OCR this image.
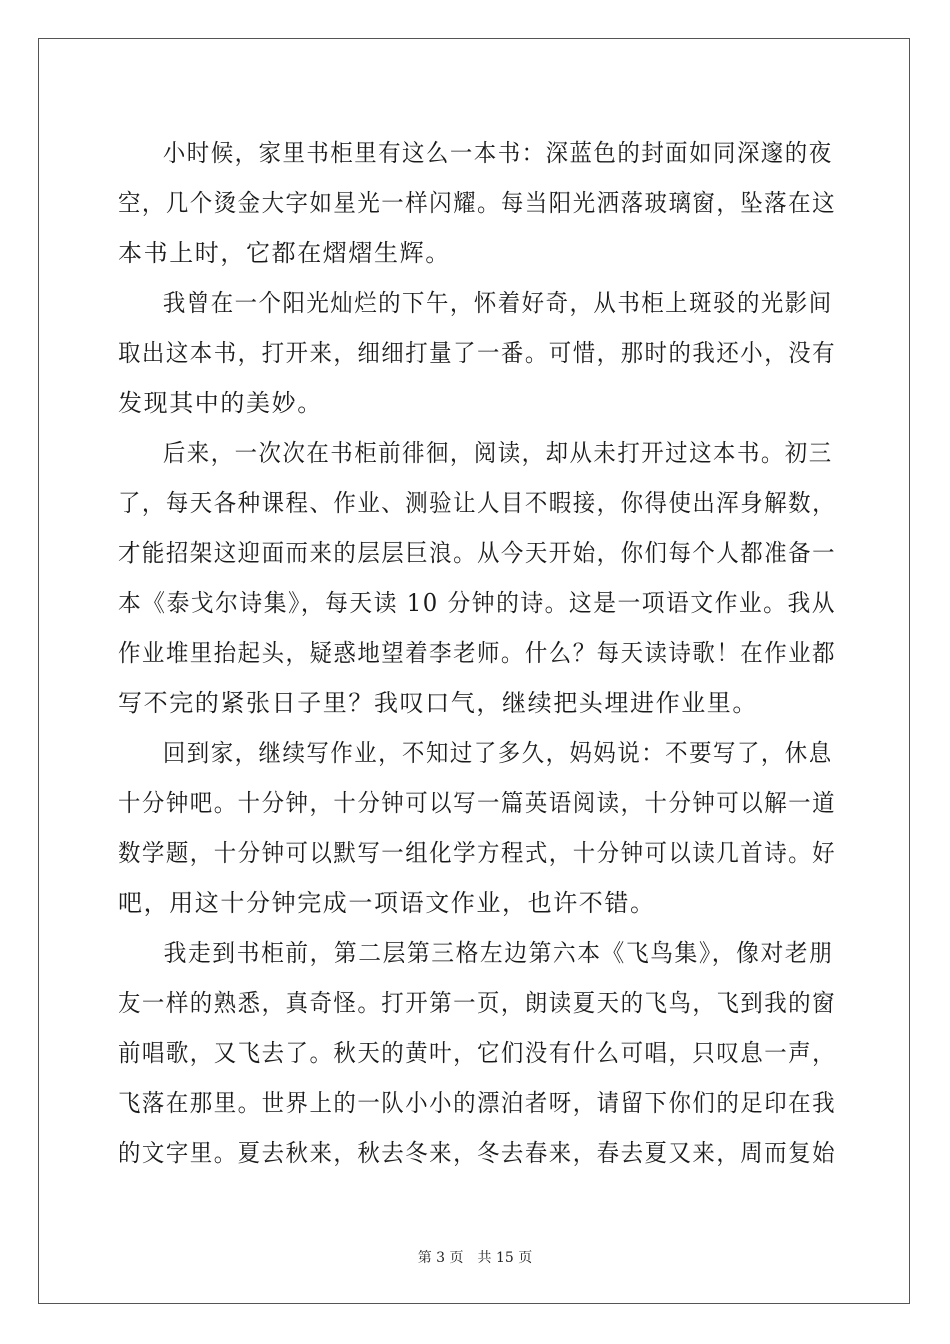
小时候，家里书柜里有这么一本书：深蓝色的封面如同深邃的夜
空，几个烫金大字如星光一样闪耀。每当阳光洒落玻璃窗，坠落在这
本书上时，它都在熠熠生辉。
我曾在一个阳光灿烂的下午，怀着好奇，从书柜上斑驳的光影间
取出这本书，打开来，细细打量了一番。可惜，那时的我还小，没有
发现其中的美妙。
后来，一次次在书柜前徘徊，阅读，却从未打开过这本书。初三
了，每天各种课程、作业、测验让人目不暇接，你得使出浑身解数，
才能招架这迎面而来的层层巨浪。从今天开始，你们每个人都准备一
本《泰戈尔诗集》，每天读 10 分钟的诗。这是一项语文作业。我从
作业堆里抬起头，疑惑地望着李老师。什么？每天读诗歌！在作业都
写不完的紧张日子里？我叹口气，继续把头埋进作业里。
回到家，继续写作业，不知过了多久，妈妈说：不要写了，休息
十分钟吧。十分钟，十分钟可以写一篇英语阅读，十分钟可以解一道
数学题，十分钟可以默写一组化学方程式，十分钟可以读几首诗。好
吧，用这十分钟完成一项语文作业，也许不错。
我走到书柜前，第二层第三格左边第六本《飞鸟集》，像对老朋
友一样的熟悉，真奇怪。打开第一页，朗读夏天的飞鸟，飞到我的窗
前唱歌，又飞去了。秋天的黄叶，它们没有什么可唱，只叹息一声，
飞落在那里。世界上的一队小小的漂泊者呀，请留下你们的足印在我
的文字里。夏去秋来，秋去冬来，冬去春来，春去夏又来，周而复始
第 3 页 共 15 页
